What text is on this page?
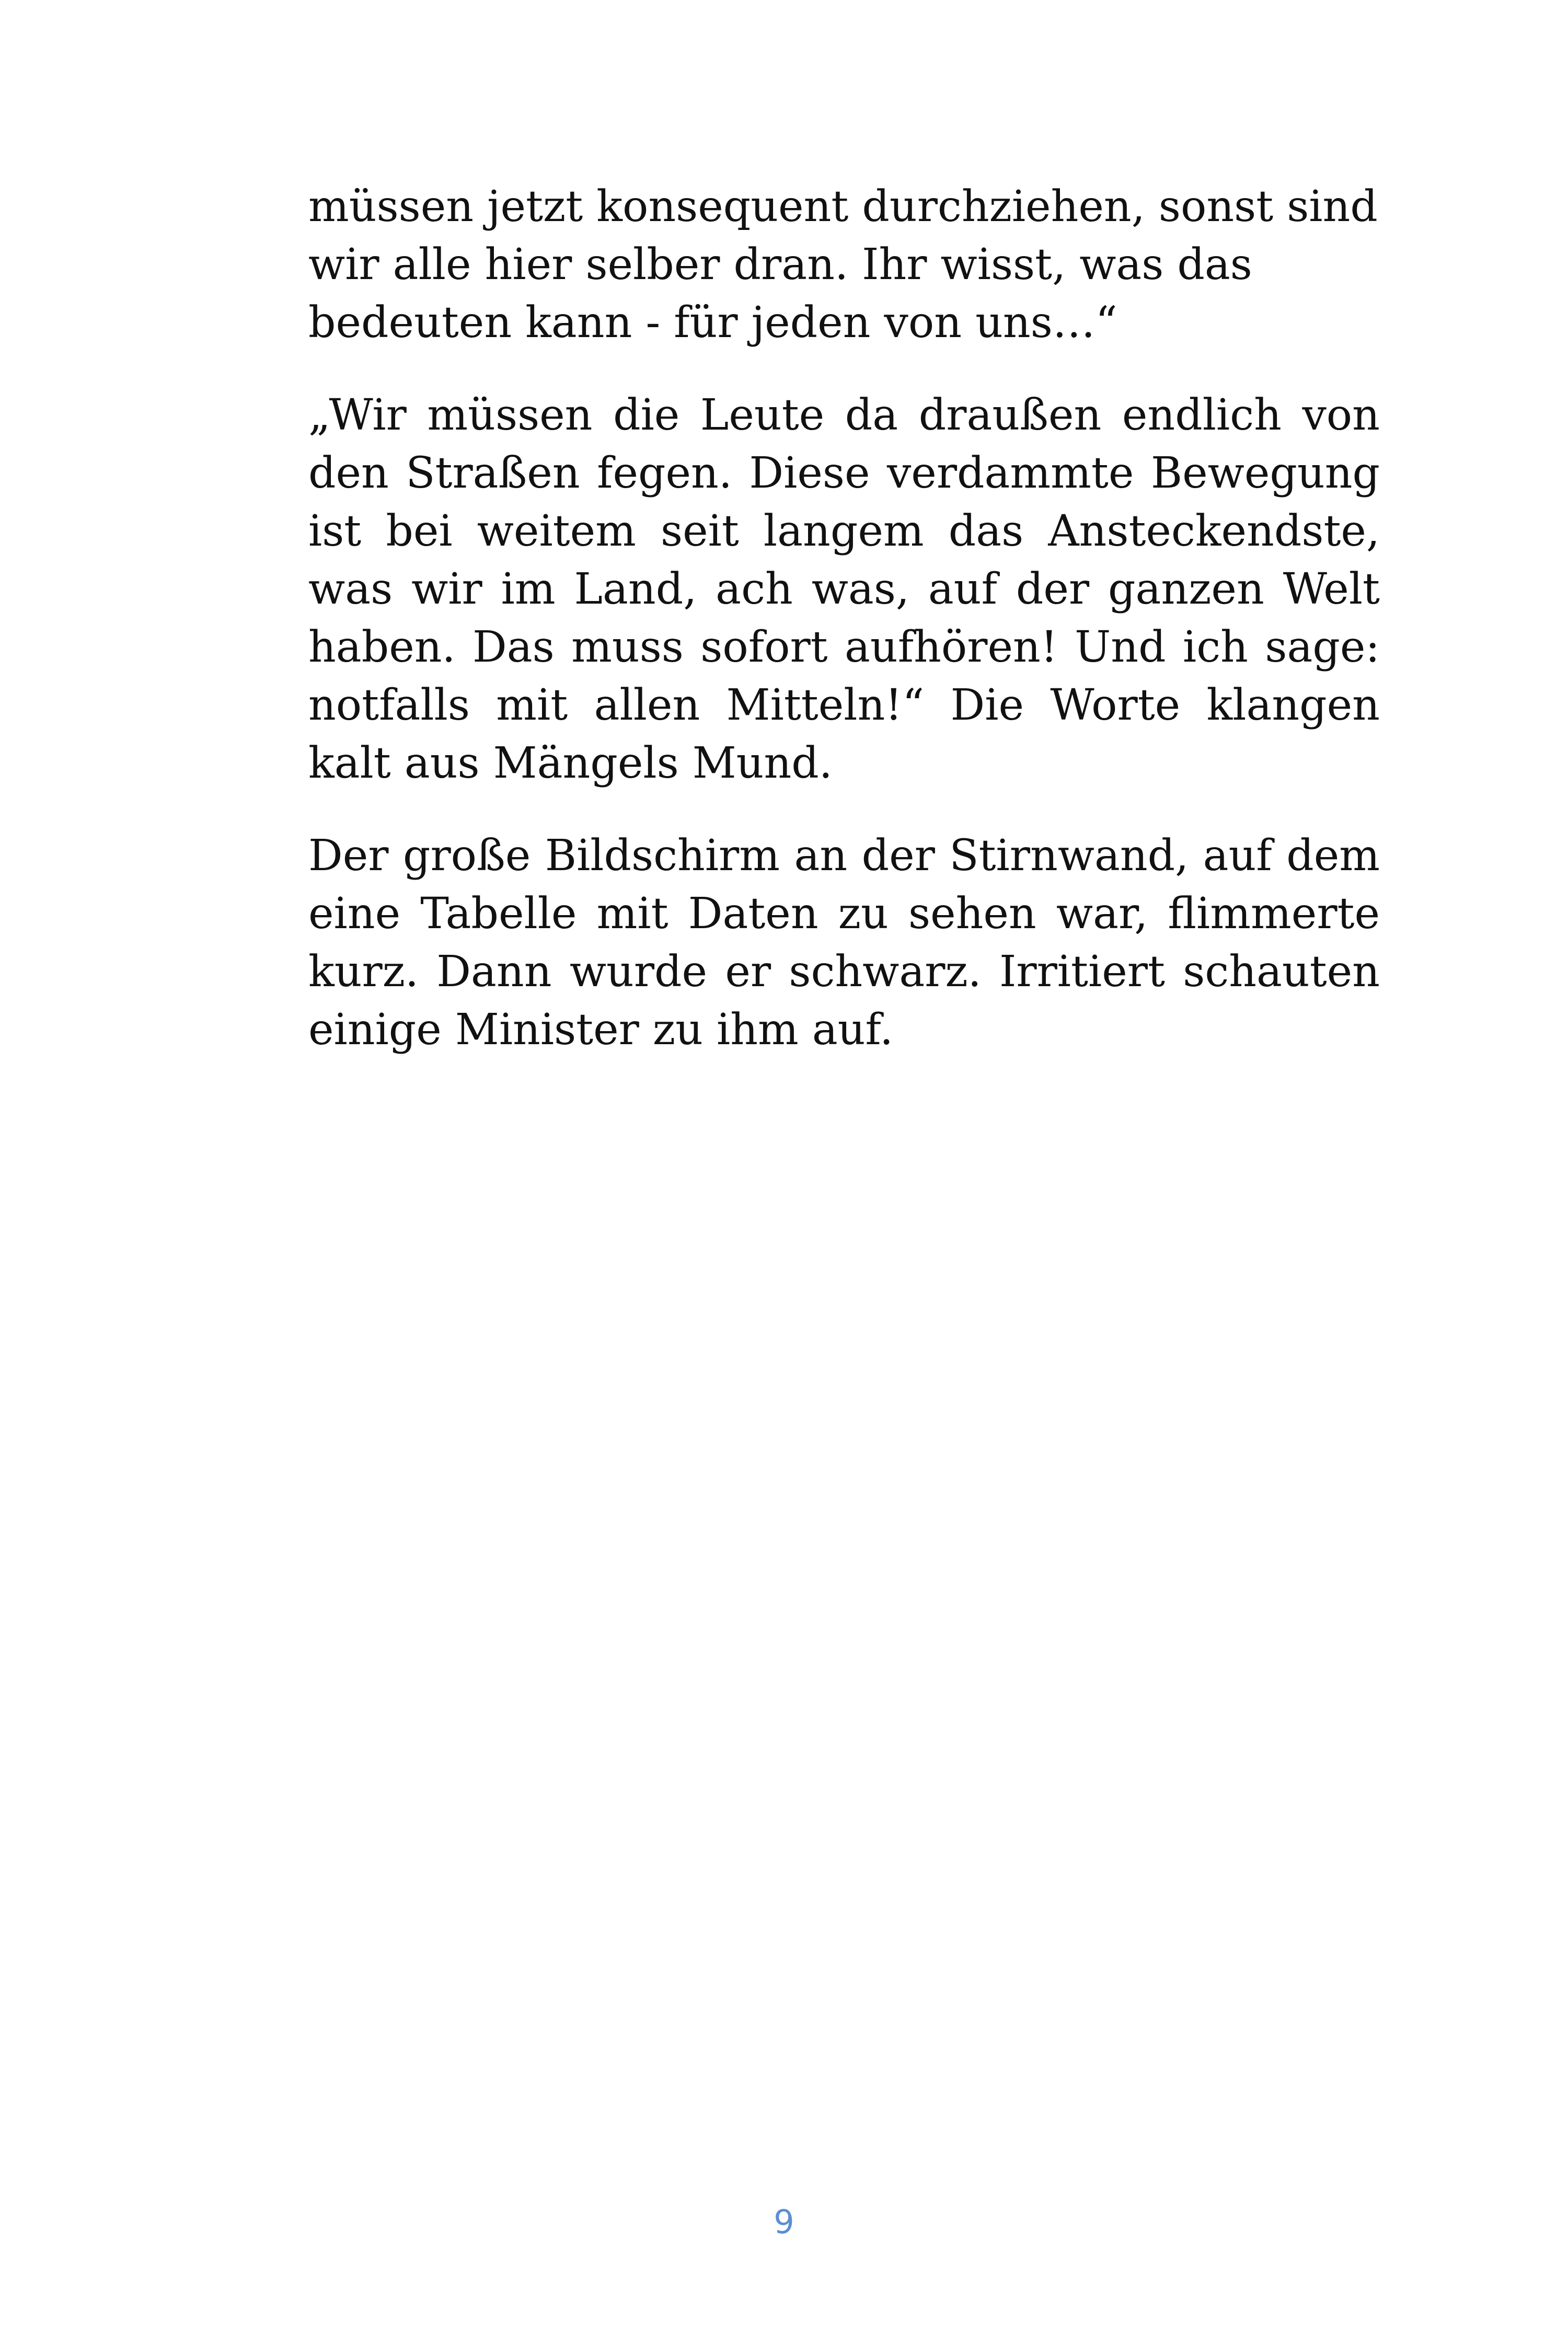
müssen jetzt konsequent durchziehen, sonst sind wir alle hier selber dran. Ihr wisst, was das bedeuten kann - für jeden von uns…“

„Wir müssen die Leute da draußen endlich von den Straßen fegen. Diese verdammte Bewegung ist bei weitem seit langem das Ansteckendste, was wir im Land, ach was, auf der ganzen Welt haben. Das muss sofort aufhören! Und ich sage: notfalls mit allen Mitteln!“ Die Worte klangen kalt aus Mängels Mund.

Der große Bildschirm an der Stirnwand, auf dem eine Tabelle mit Daten zu sehen war, flimmerte kurz. Dann wurde er schwarz. Irritiert schauten einige Minister zu ihm auf.

9
